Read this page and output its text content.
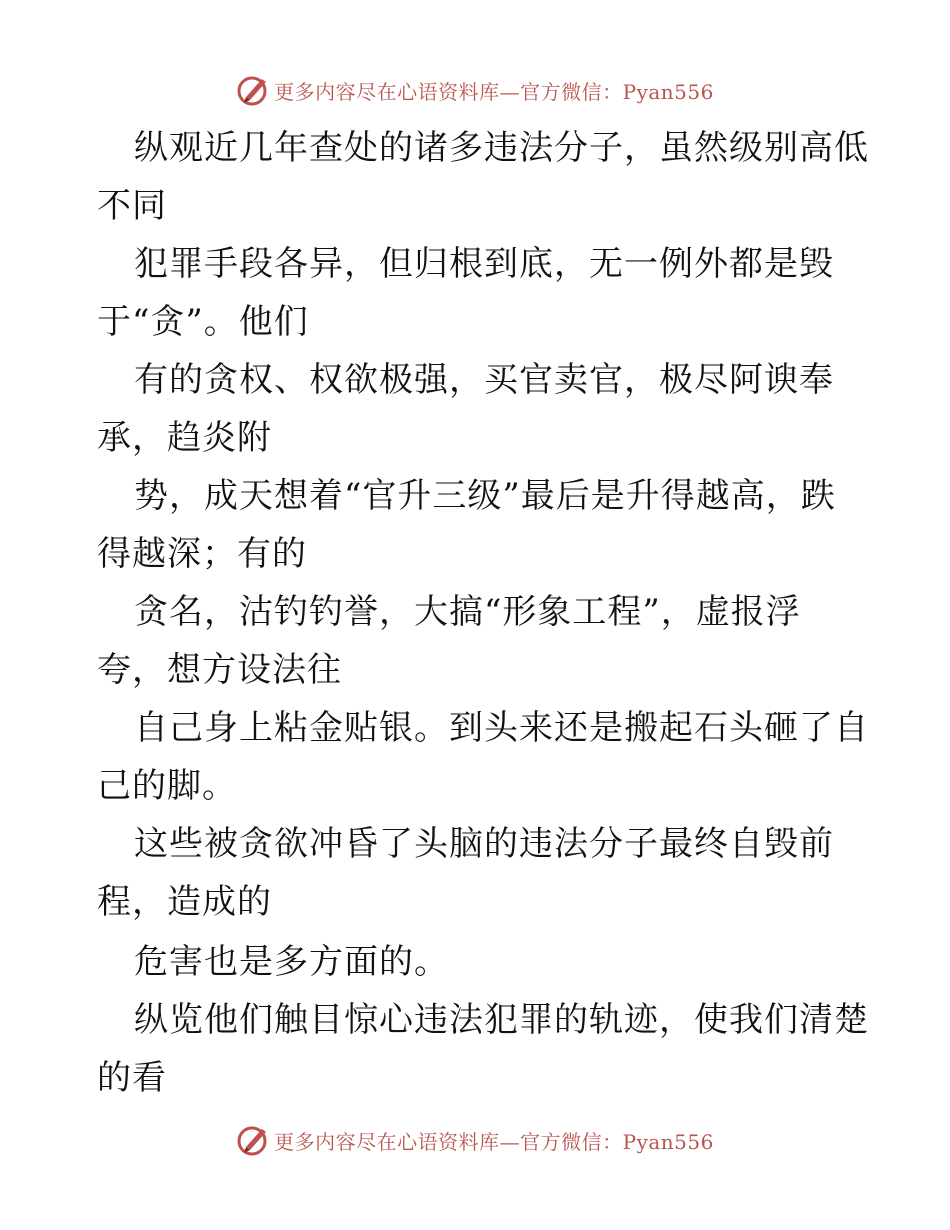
更多内容尽在心语资料库—官方微信：Pyan556
纵观近几年查处的诸多违法分子，虽然级别高低
不同
犯罪手段各异，但归根到底，无一例外都是毁
于“贪”。他们
有的贪权、权欲极强，买官卖官，极尽阿谀奉
承，趋炎附
势，成天想着“官升三级”最后是升得越高，跌
得越深；有的
贪名，沽钓钓誉，大搞“形象工程”，虚报浮
夸，想方设法往
自己身上粘金贴银。到头来还是搬起石头砸了自
己的脚。
这些被贪欲冲昏了头脑的违法分子最终自毁前
程，造成的
危害也是多方面的。
纵览他们触目惊心违法犯罪的轨迹，使我们清楚
的看
更多内容尽在心语资料库—官方微信：Pyan556
